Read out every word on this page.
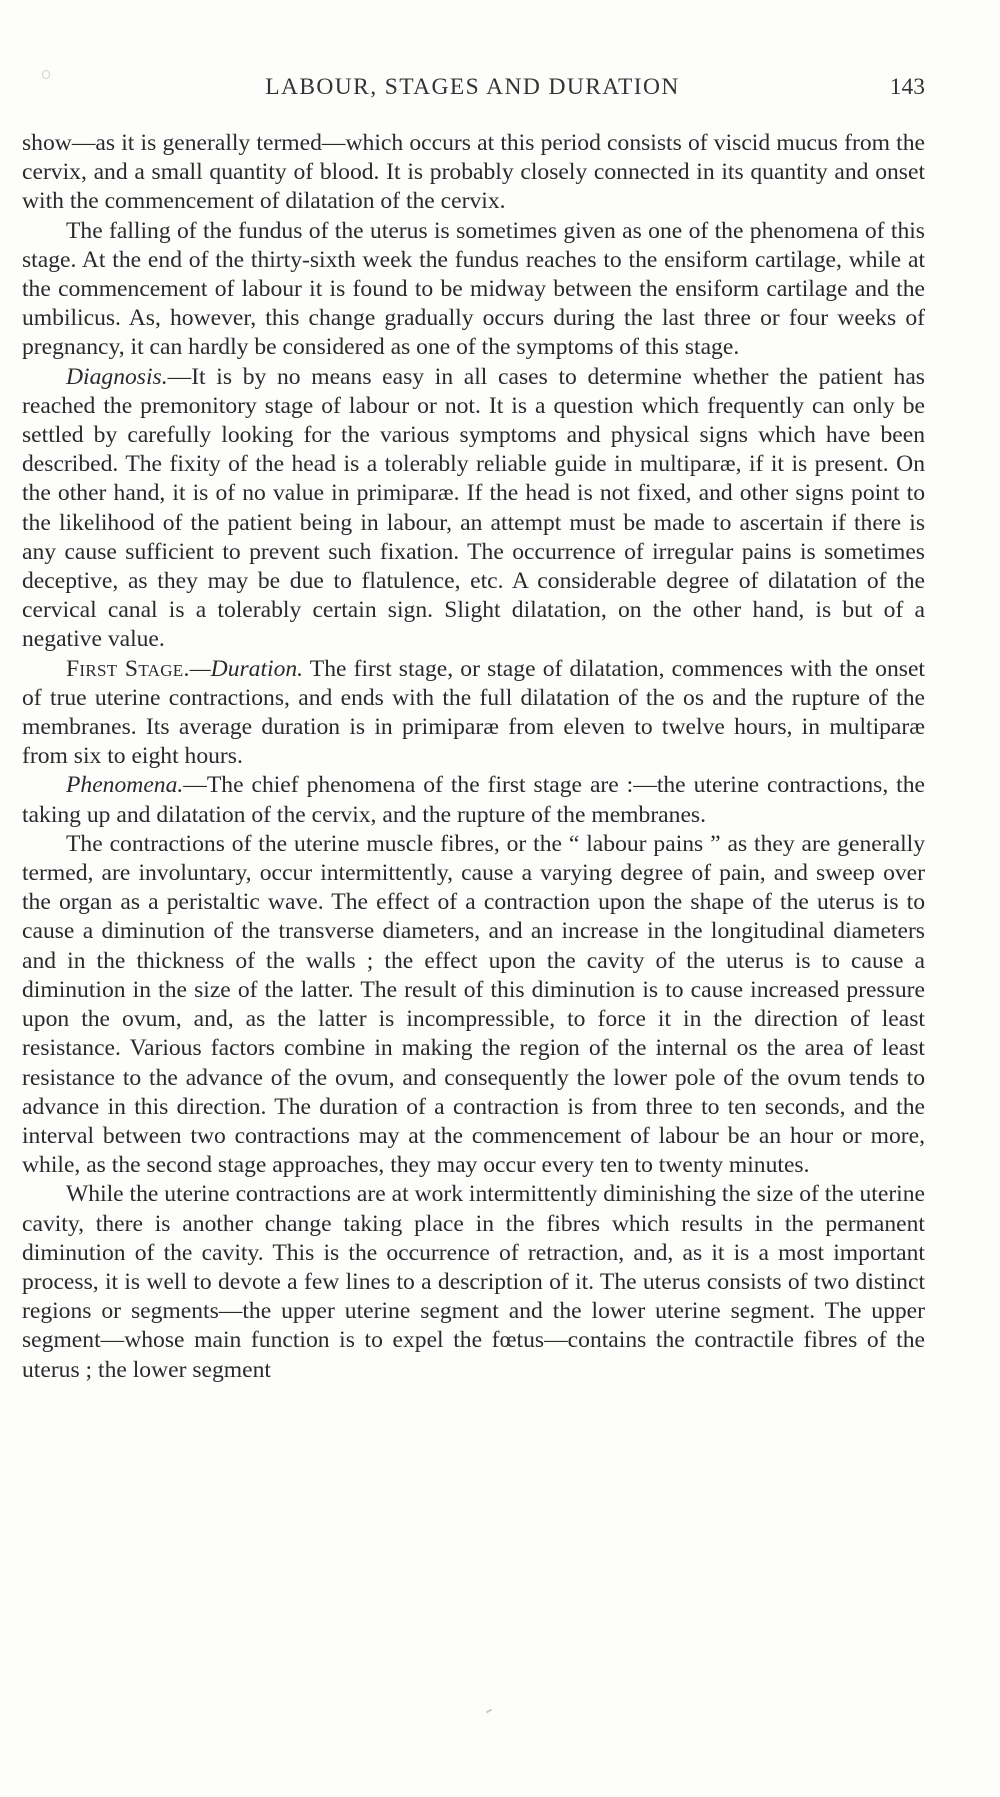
LABOUR, STAGES AND DURATION	143

show—as it is generally termed—which occurs at this period consists of viscid mucus from the cervix, and a small quantity of blood. It is probably closely connected in its quantity and onset with the commencement of dilatation of the cervix.

The falling of the fundus of the uterus is sometimes given as one of the phenomena of this stage. At the end of the thirty-sixth week the fundus reaches to the ensiform cartilage, while at the commencement of labour it is found to be midway between the ensiform cartilage and the umbilicus. As, however, this change gradually occurs during the last three or four weeks of pregnancy, it can hardly be considered as one of the symptoms of this stage.

Diagnosis.—It is by no means easy in all cases to determine whether the patient has reached the premonitory stage of labour or not. It is a question which frequently can only be settled by carefully looking for the various symptoms and physical signs which have been described. The fixity of the head is a tolerably reliable guide in multiparæ, if it is present. On the other hand, it is of no value in primiparæ. If the head is not fixed, and other signs point to the likelihood of the patient being in labour, an attempt must be made to ascertain if there is any cause sufficient to prevent such fixation. The occurrence of irregular pains is sometimes deceptive, as they may be due to flatulence, etc. A considerable degree of dilatation of the cervical canal is a tolerably certain sign. Slight dilatation, on the other hand, is but of a negative value.

First Stage.—Duration. The first stage, or stage of dilatation, commences with the onset of true uterine contractions, and ends with the full dilatation of the os and the rupture of the membranes. Its average duration is in primiparæ from eleven to twelve hours, in multiparæ from six to eight hours.

Phenomena.—The chief phenomena of the first stage are :—the uterine contractions, the taking up and dilatation of the cervix, and the rupture of the membranes.

The contractions of the uterine muscle fibres, or the “ labour pains ” as they are generally termed, are involuntary, occur intermittently, cause a varying degree of pain, and sweep over the organ as a peristaltic wave. The effect of a contraction upon the shape of the uterus is to cause a diminution of the transverse diameters, and an increase in the longitudinal diameters and in the thickness of the walls ; the effect upon the cavity of the uterus is to cause a diminution in the size of the latter. The result of this diminution is to cause increased pressure upon the ovum, and, as the latter is incompressible, to force it in the direction of least resistance. Various factors combine in making the region of the internal os the area of least resistance to the advance of the ovum, and consequently the lower pole of the ovum tends to advance in this direction. The duration of a contraction is from three to ten seconds, and the interval between two contractions may at the commencement of labour be an hour or more, while, as the second stage approaches, they may occur every ten to twenty minutes.

While the uterine contractions are at work intermittently diminishing the size of the uterine cavity, there is another change taking place in the fibres which results in the permanent diminution of the cavity. This is the occurrence of retraction, and, as it is a most important process, it is well to devote a few lines to a description of it. The uterus consists of two distinct regions or segments—the upper uterine segment and the lower uterine segment. The upper segment—whose main function is to expel the fœtus—contains the contractile fibres of the uterus ; the lower segment
